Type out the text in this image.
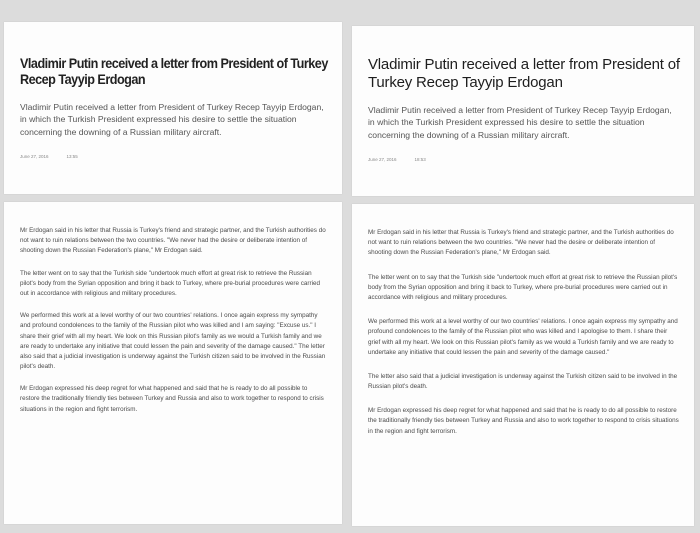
Vladimir Putin received a letter from President of Turkey Recep Tayyip Erdogan

Vladimir Putin received a letter from President of Turkey Recep Tayyip Erdogan, in which the Turkish President expressed his desire to settle the situation concerning the downing of a Russian military aircraft.

June 27, 2016	13:55
Vladimir Putin received a letter from President of Turkey Recep Tayyip Erdogan

Vladimir Putin received a letter from President of Turkey Recep Tayyip Erdogan, in which the Turkish President expressed his desire to settle the situation concerning the downing of a Russian military aircraft.

June 27, 2016	18:53

Mr Erdogan said in his letter that Russia is Turkey's friend and strategic partner, and the Turkish authorities do not want to ruin relations between the two countries. "We never had the desire or deliberate intention of shooting down the Russian Federation's plane," Mr Erdogan said.

The letter went on to say that the Turkish side "undertook much effort at great risk to retrieve the Russian pilot's body from the Syrian opposition and bring it back to Turkey, where pre-burial procedures were carried out in accordance with religious and military procedures.

We performed this work at a level worthy of our two countries' relations. I once again express my sympathy and profound condolences to the family of the Russian pilot who was killed and I am saying: "Excuse us." I share their grief with all my heart. We look on this Russian pilot's family as we would a Turkish family and we are ready to undertake any initiative that could lessen the pain and severity of the damage caused." The letter also said that a judicial investigation is underway against the Turkish citizen said to be involved in the Russian pilot's death.

Mr Erdogan expressed his deep regret for what happened and said that he is ready to do all possible to restore the traditionally friendly ties between Turkey and Russia and also to work together to respond to crisis situations in the region and fight terrorism.

Mr Erdogan said in his letter that Russia is Turkey's friend and strategic partner, and the Turkish authorities do not want to ruin relations between the two countries. "We never had the desire or deliberate intention of shooting down the Russian Federation's plane," Mr Erdogan said.

The letter went on to say that the Turkish side "undertook much effort at great risk to retrieve the Russian pilot's body from the Syrian opposition and bring it back to Turkey, where pre-burial procedures were carried out in accordance with religious and military procedures.

We performed this work at a level worthy of our two countries' relations. I once again express my sympathy and profound condolences to the family of the Russian pilot who was killed and I apologise to them. I share their grief with all my heart. We look on this Russian pilot's family as we would a Turkish family and we are ready to undertake any initiative that could lessen the pain and severity of the damage caused."

The letter also said that a judicial investigation is underway against the Turkish citizen said to be involved in the Russian pilot's death.

Mr Erdogan expressed his deep regret for what happened and said that he is ready to do all possible to restore the traditionally friendly ties between Turkey and Russia and also to work together to respond to crisis situations in the region and fight terrorism.
